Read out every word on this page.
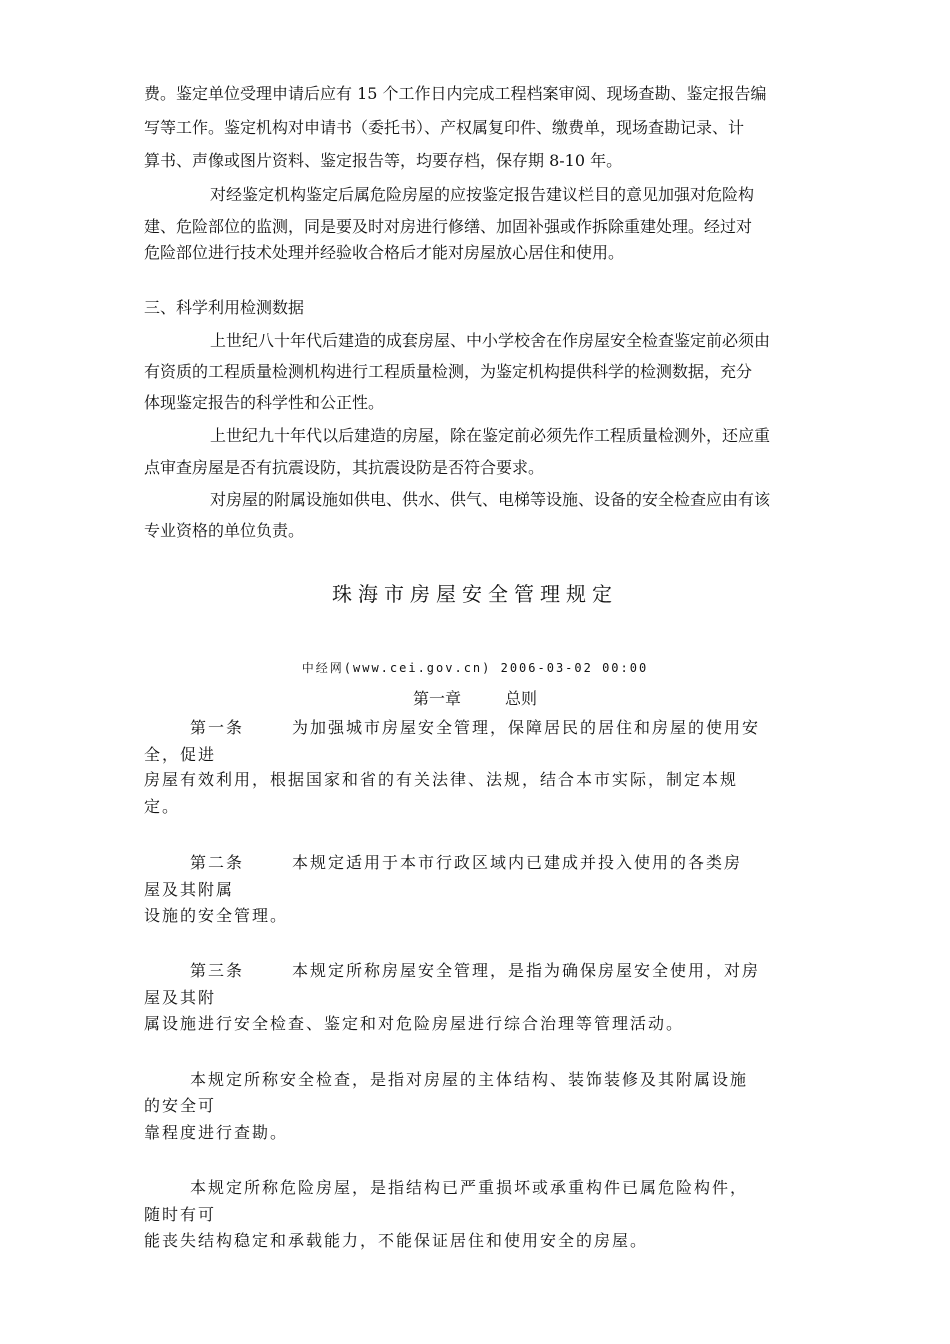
费。鉴定单位受理申请后应有 15 个工作日内完成工程档案审阅、现场查勘、鉴定报告编
写等工作。鉴定机构对申请书（委托书）、产权属复印件、缴费单，现场查勘记录、计
算书、声像或图片资料、鉴定报告等，均要存档，保存期 8-10 年。
对经鉴定机构鉴定后属危险房屋的应按鉴定报告建议栏目的意见加强对危险构
建、危险部位的监测，同是要及时对房进行修缮、加固补强或作拆除重建处理。经过对
危险部位进行技术处理并经验收合格后才能对房屋放心居住和使用。
三、科学利用检测数据
上世纪八十年代后建造的成套房屋、中小学校舍在作房屋安全检查鉴定前必须由
有资质的工程质量检测机构进行工程质量检测，为鉴定机构提供科学的检测数据，充分
体现鉴定报告的科学性和公正性。
上世纪九十年代以后建造的房屋，除在鉴定前必须先作工程质量检测外，还应重
点审查房屋是否有抗震设防，其抗震设防是否符合要求。
对房屋的附属设施如供电、供水、供气、电梯等设施、设备的安全检查应由有该
专业资格的单位负责。
珠海市房屋安全管理规定
中经网(www.cei.gov.cn) 2006-03-02 00:00
第一章	总则
第一条	为加强城市房屋安全管理，保障居民的居住和房屋的使用安
全，促进
房屋有效利用，根据国家和省的有关法律、法规，结合本市实际，制定本规
定。
第二条	本规定适用于本市行政区域内已建成并投入使用的各类房
屋及其附属
设施的安全管理。
第三条	本规定所称房屋安全管理，是指为确保房屋安全使用，对房
屋及其附
属设施进行安全检查、鉴定和对危险房屋进行综合治理等管理活动。
本规定所称安全检查，是指对房屋的主体结构、装饰装修及其附属设施
的安全可
靠程度进行查勘。
本规定所称危险房屋，是指结构已严重损坏或承重构件已属危险构件，
随时有可
能丧失结构稳定和承载能力，不能保证居住和使用安全的房屋。
